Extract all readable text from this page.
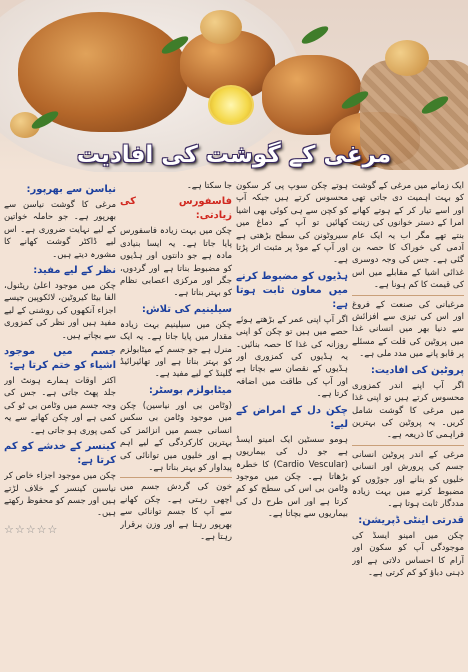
مرغی کے گوشت کی افادیت

ایک زمانے میں مرغی کے گوشت کو بہت اہمیت دی جاتی تھی اور اسے تیار کر کے ہوتے کھانے امرا کے دستر خوانوں کی زینت بنتے تھے مگر اب یہ ایک عام آدمی کی خوراک کا حصہ بن گئی ہے۔ جس کی وجہ دوسری غذائی اشیا کے مقابلے میں اس کی قیمت کا کم ہونا ہے۔

مرغبانی کی صنعت کے فروغ اور اس کی تیزی سے افزائش سے دنیا بھر میں انسانی غذا میں پروٹین کی قلت کے مسئلے پر قابو پانے میں مدد ملی ہے۔

پروٹین کی افادیت:

اگر آپ اپنے اندر کمزوری محسوس کرتے ہیں تو اپنی غذا میں مرغی کا گوشت شامل کریں۔ یہ پروٹین کی بہترین فراہمی کا ذریعہ ہے۔

مرغی کے اندر پروٹین انسانی جسم کی پرورش اور انسانی خلیوں کو بنانے اور جوڑوں کو مضبوط کرنے میں بہت زیادہ مددگار ثابت ہوتا ہے۔

قدرتی اینٹی ڈپریشن:

چکن میں امینو ایسڈ کی موجودگی آپ کو سکون اور آرام کا احساس دلاتی ہے اور ذہنی دباؤ کو کم کرتی ہے۔

ہوتے چکن سوپ پی کر سکون محسوس کرتے ہیں جبکہ آپ کو کچن سے ہی کوئی بھی اشیا کھائیں تو آپ کے دماغ میں سیروٹونن کی سطح بڑھتی ہے اور آپ کے موڈ پر مثبت اثر پڑتا ہے۔

ہڈیوں کو مضبوط کرنے میں معاون ثابت ہوتا ہے:

اگر آپ اپنی عمر کے بڑھتے ہوئے حصے میں ہیں تو چکن کو اپنی روزانہ کی غذا کا حصہ بنائیں۔ یہ ہڈیوں کی کمزوری اور ہڈیوں کے نقصان سے بچاتا ہے اور آپ کی طاقت میں اضافہ کرتا ہے۔

چکن دل کے امراض کے لیے:

ہومو سسٹین ایک امینو ایسڈ ہے جو دل کی بیماریوں (Cardio Vescular) کا خطرہ بڑھاتا ہے۔ چکن میں موجود وٹامن بی اس کی سطح کو کم کرتا ہے اور اس طرح دل کی بیماریوں سے بچاتا ہے۔

جا سکتا ہے۔

فاسفورس کی زیادتی:

چکن میں بہت زیادہ فاسفورس پایا جاتا ہے۔ یہ ایسا بنیادی مادہ ہے جو دانتوں اور ہڈیوں کو مضبوط بناتا ہے اور گردوں، جگر اور مرکزی اعصابی نظام کو بہتر بناتا ہے۔

سیلینیم کی تلاش:

چکن میں سیلینیم بہت زیادہ مقدار میں پایا جاتا ہے۔ یہ ایک منرل ہے جو جسم کے میٹابولزم کو بہتر بناتا ہے اور تھائیرائیڈ گلینڈ کے لیے مفید ہے۔

میٹابولزم بوسٹر:

(وٹامن بی اور نیاسین) چکن میں موجود وٹامن بی سکس انسانی جسم میں انزائمز کی بہترین کارکردگی کے لیے اہم ہے اور خلیوں میں توانائی کی پیداوار کو بہتر بناتا ہے۔

خون کی گردش جسم میں اچھی رہتی ہے۔ چکن کھانے سے آپ کا جسم توانائی سے بھرپور رہتا ہے اور وزن برقرار رہتا ہے۔

نیاسن سے بھرپور:

مرغی کا گوشت نیاسن سے بھرپور ہے۔ جو حاملہ خواتین کے لیے نہایت ضروری ہے۔ اس لیے ڈاکٹر گوشت کھانے کا مشورہ دیتے ہیں۔

نظر کے لیے مفید:

چکن میں موجود اعلیٰ ریٹنول، الفا بیٹا کیروٹین، لائکوپین جیسے اجزاء آنکھوں کی روشنی کے لیے مفید ہیں اور نظر کی کمزوری سے بچاتے ہیں۔

جسم میں موجود اشیاء کو ختم کرتا ہے:

اکثر اوقات ہمارے ہونٹ اور جلد پھٹ جاتی ہے۔ جس کی وجہ جسم میں وٹامن بی ٹو کی کمی ہے اور چکن کھانے سے یہ کمی پوری ہو جاتی ہے۔

کینسر کے خدشے کو کم کرتا ہے:

چکن میں موجود اجزاء خاص کر نیاسین کینسر کے خلاف لڑتے ہیں اور جسم کو محفوظ رکھتے ہیں۔

☆☆☆☆☆
